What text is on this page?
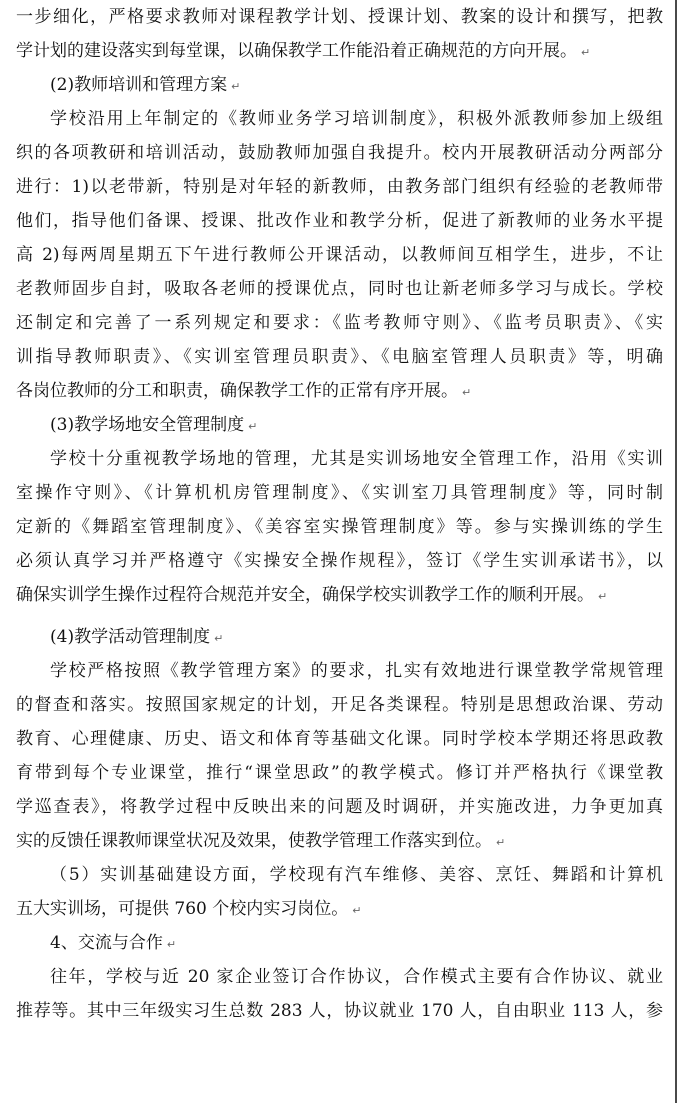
一步细化，严格要求教师对课程教学计划、授课计划、教案的设计和撰写，把教
学计划的建设落实到每堂课，以确保教学工作能沿着正确规范的方向开展。 ↵
(2)教师培训和管理方案 ↵
学校沿用上年制定的《教师业务学习培训制度》，积极外派教师参加上级组
织的各项教研和培训活动，鼓励教师加强自我提升。校内开展教研活动分两部分
进行：1)以老带新，特别是对年轻的新教师，由教务部门组织有经验的老教师带
他们，指导他们备课、授课、批改作业和教学分析，促进了新教师的业务水平提
高 2)每两周星期五下午进行教师公开课活动，以教师间互相学生，进步，不让
老教师固步自封，吸取各老师的授课优点，同时也让新老师多学习与成长。学校
还制定和完善了一系列规定和要求：《监考教师守则》、《监考员职责》、《实
训指导教师职责》、《实训室管理员职责》、《电脑室管理人员职责》等，明确
各岗位教师的分工和职责，确保教学工作的正常有序开展。 ↵
(3)教学场地安全管理制度 ↵
学校十分重视教学场地的管理，尤其是实训场地安全管理工作，沿用《实训
室操作守则》、《计算机机房管理制度》、《实训室刀具管理制度》等，同时制
定新的《舞蹈室管理制度》、《美容室实操管理制度》等。参与实操训练的学生
必须认真学习并严格遵守《实操安全操作规程》，签订《学生实训承诺书》，以
确保实训学生操作过程符合规范并安全，确保学校实训教学工作的顺利开展。 ↵
(4)教学活动管理制度 ↵
学校严格按照《教学管理方案》的要求，扎实有效地进行课堂教学常规管理
的督查和落实。按照国家规定的计划，开足各类课程。特别是思想政治课、劳动
教育、心理健康、历史、语文和体育等基础文化课。同时学校本学期还将思政教
育带到每个专业课堂，推行“课堂思政”的教学模式。修订并严格执行《课堂教
学巡查表》，将教学过程中反映出来的问题及时调研，并实施改进，力争更加真
实的反馈任课教师课堂状况及效果，使教学管理工作落实到位。 ↵
（5）实训基础建设方面，学校现有汽车维修、美容、烹饪、舞蹈和计算机
五大实训场，可提供 760 个校内实习岗位。 ↵
4、交流与合作 ↵
往年，学校与近 20 家企业签订合作协议，合作模式主要有合作协议、就业
推荐等。其中三年级实习生总数 283 人，协议就业 170 人，自由职业 113 人，参
